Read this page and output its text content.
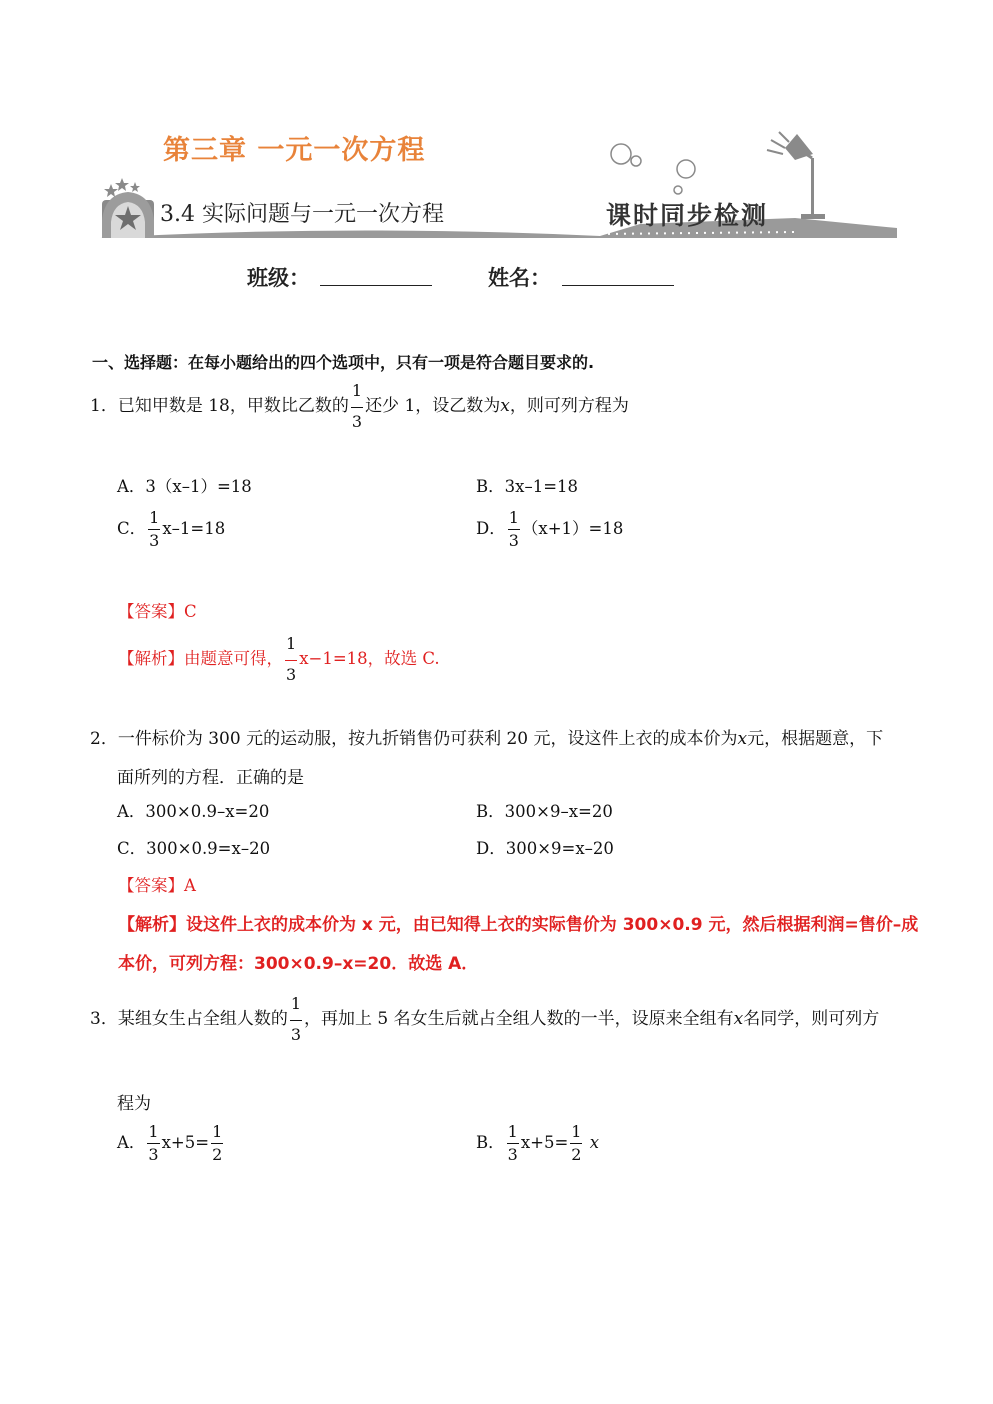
第三章 一元一次方程
3.4 实际问题与一元一次方程	课时同步检测
班级：	姓名：
一、选择题：在每小题给出的四个选项中，只有一项是符合题目要求的.
1．已知甲数是 18，甲数比乙数的 $\frac{1}{3}$ 还少 1，设乙数为x，则可列方程为
A．3（x–1）=18	B．3x–1=18
C． $\frac{1}{3} x-1=18$	D． $\frac{1}{3} (x+1)=18$
【答案】C
【解析】由题意可得， $\frac{1}{3} x-1=18$，故选 C.
2．一件标价为 300 元的运动服，按九折销售仍可获利 20 元，设这件上衣的成本价为x元，根据题意，下
面所列的方程．正确的是
A．300×0.9–x=20	B．300×9–x=20
C．300×0.9=x–20	D．300×9=x–20
【答案】A
【解析】设这件上衣的成本价为 x 元，由已知得上衣的实际售价为 300×0.9 元，然后根据利润=售价–成
本价，可列方程：300×0.9–x=20．故选 A．
3．某组女生占全组人数的 $\frac{1}{3}$ ，再加上 5 名女生后就占全组人数的一半，设原来全组有x名同学，则可列方
程为
A． $\frac{1}{3} x+5= \frac{1}{2}$	B． $\frac{1}{3} x+5= \frac{1}{2}$ x
